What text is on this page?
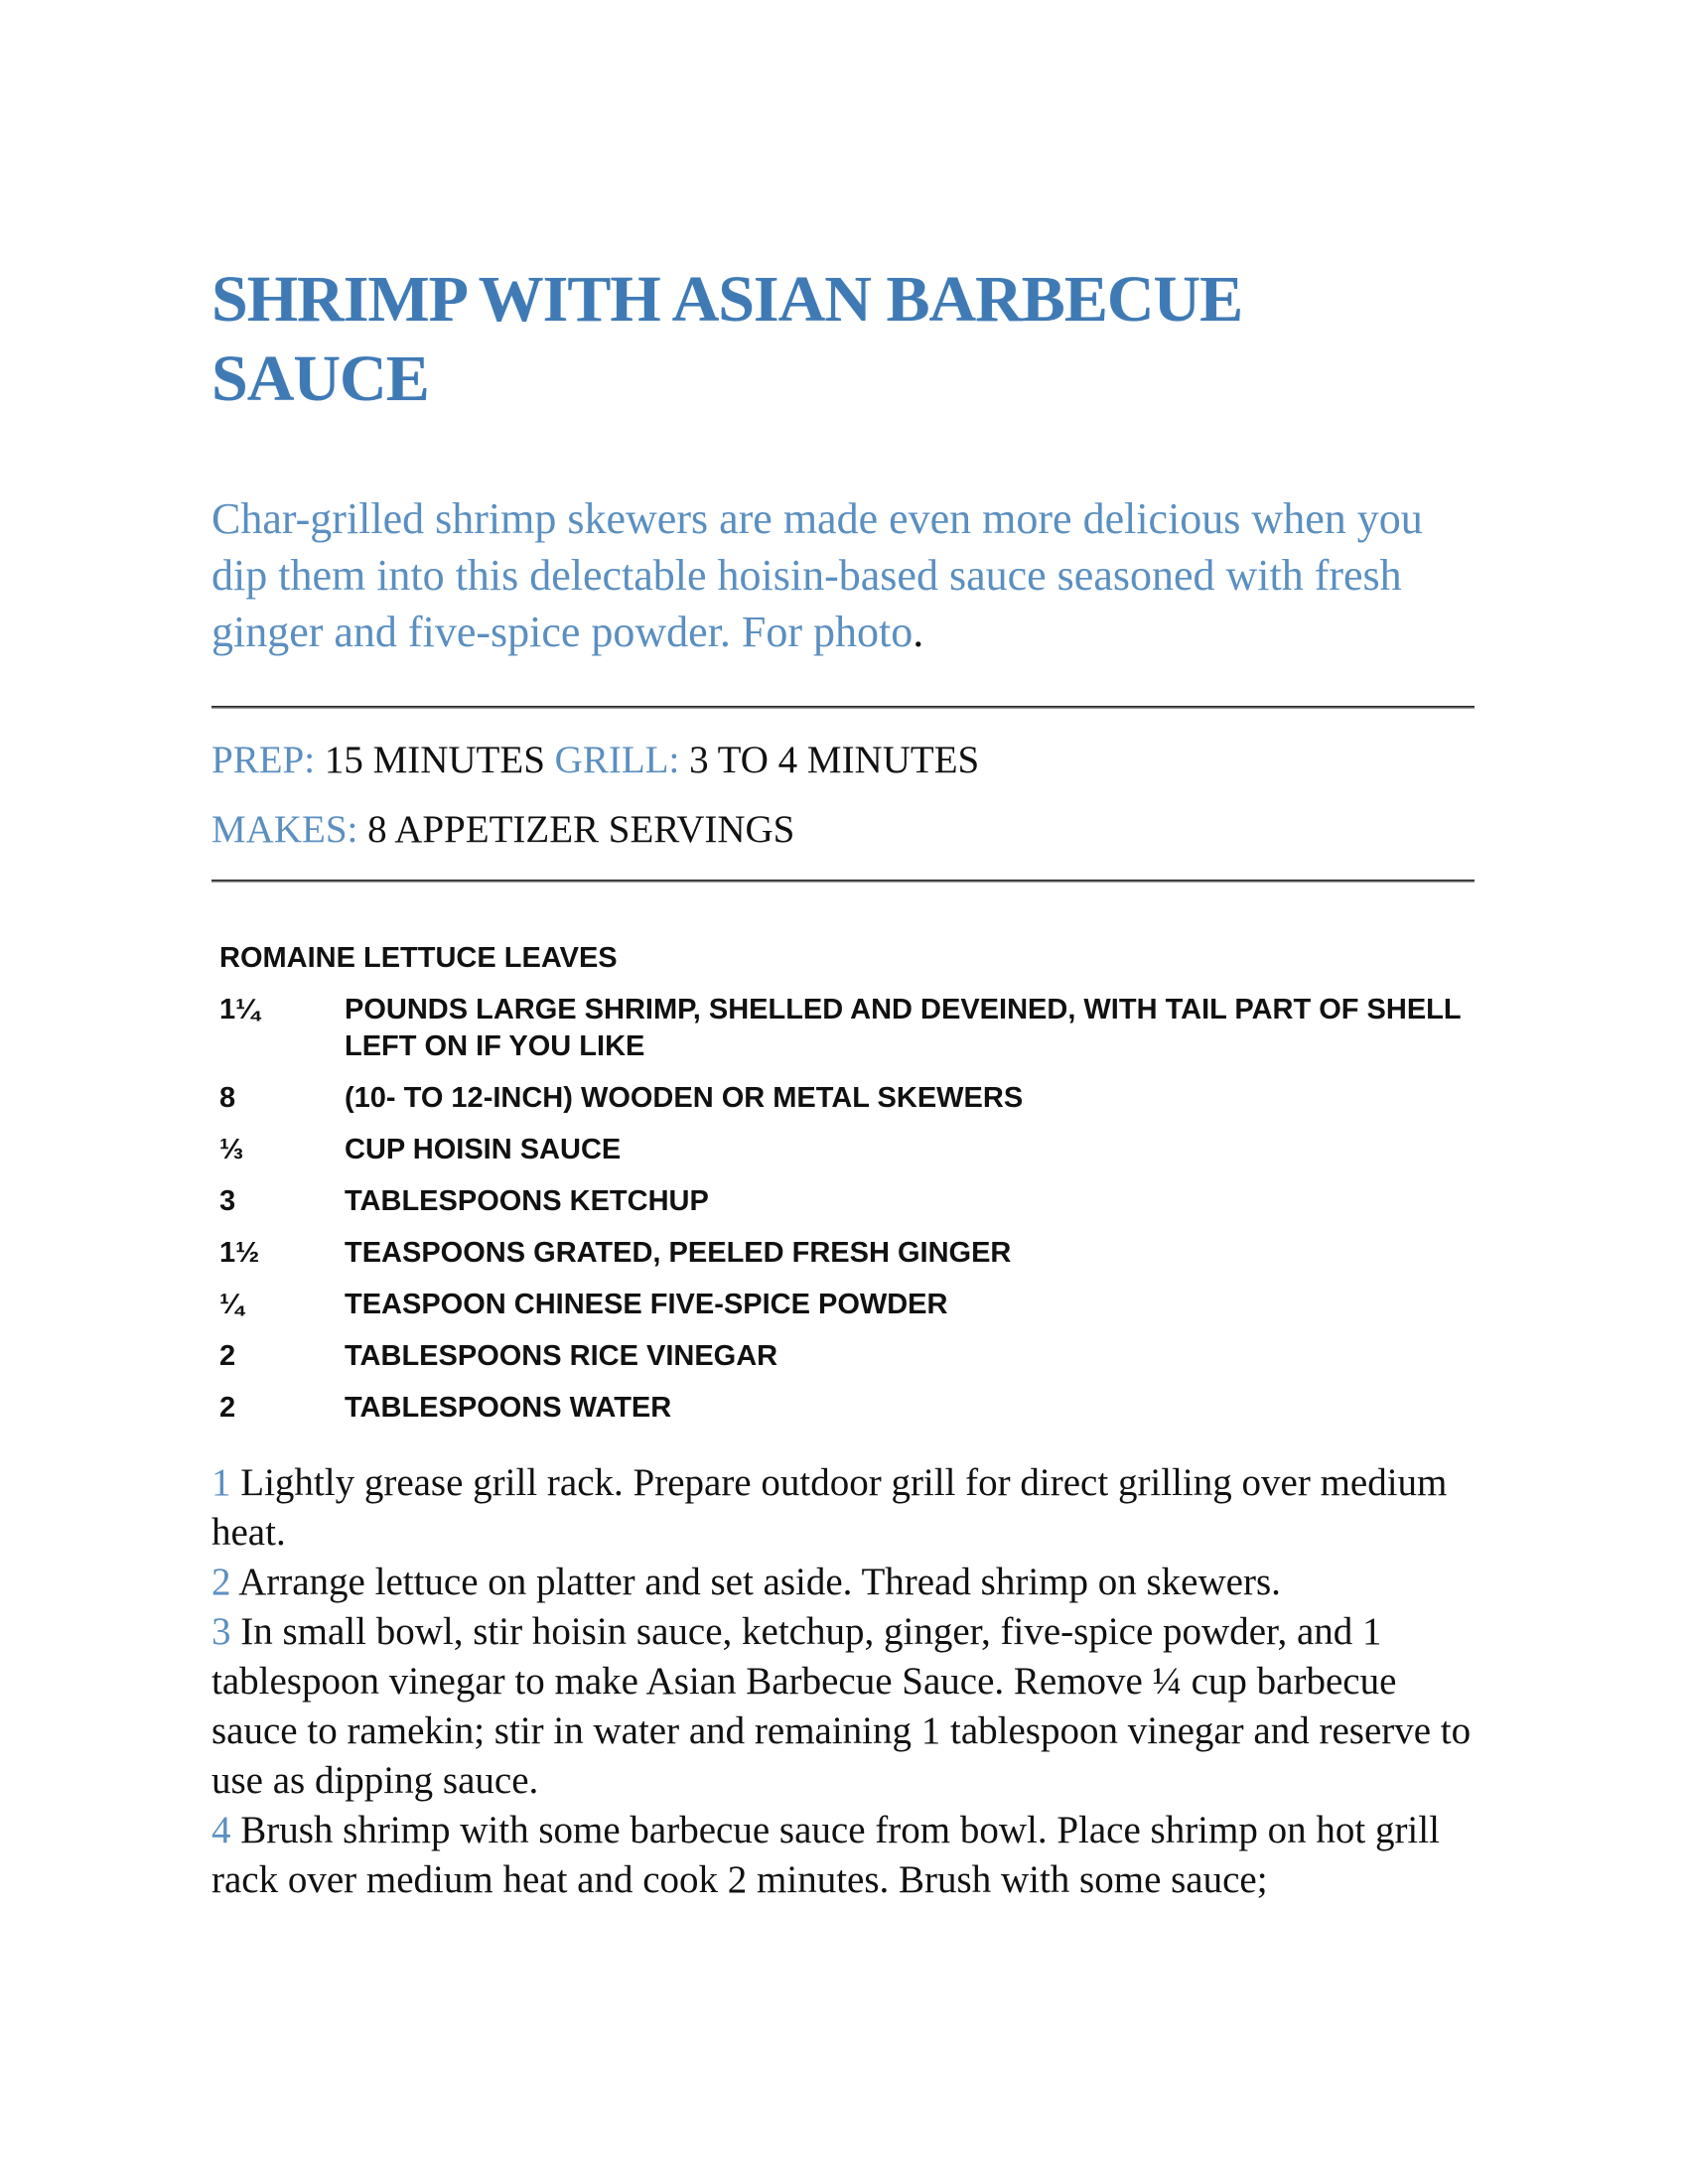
SHRIMP WITH ASIAN BARBECUE
SAUCE

Char-grilled shrimp skewers are made even more delicious when you dip them into this delectable hoisin-based sauce seasoned with fresh ginger and five-spice powder. For photo.

PREP: 15 MINUTES GRILL: 3 TO 4 MINUTES
MAKES: 8 APPETIZER SERVINGS
ROMAINE LETTUCE LEAVES
1¼	POUNDS LARGE SHRIMP, SHELLED AND DEVEINED, WITH TAIL PART OF SHELL LEFT ON IF YOU LIKE
8	(10- TO 12-INCH) WOODEN OR METAL SKEWERS
⅓	CUP HOISIN SAUCE
3	TABLESPOONS KETCHUP
1½	TEASPOONS GRATED, PEELED FRESH GINGER
¼	TEASPOON CHINESE FIVE-SPICE POWDER
2	TABLESPOONS RICE VINEGAR
2	TABLESPOONS WATER
1 Lightly grease grill rack. Prepare outdoor grill for direct grilling over medium heat.
2 Arrange lettuce on platter and set aside. Thread shrimp on skewers.
3 In small bowl, stir hoisin sauce, ketchup, ginger, five-spice powder, and 1 tablespoon vinegar to make Asian Barbecue Sauce. Remove ¼ cup barbecue sauce to ramekin; stir in water and remaining 1 tablespoon vinegar and reserve to use as dipping sauce.
4 Brush shrimp with some barbecue sauce from bowl. Place shrimp on hot grill rack over medium heat and cook 2 minutes. Brush with some sauce;
